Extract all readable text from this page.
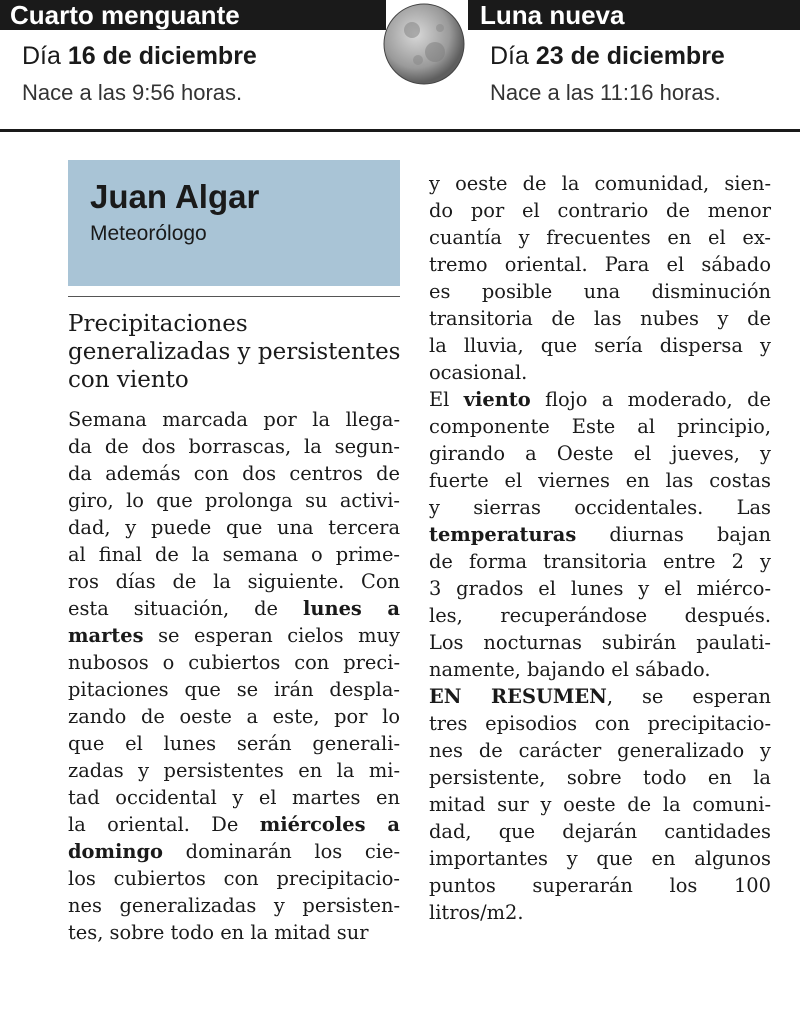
Cuarto menguante	Luna nueva
Día 16 de diciembre
Nace a las 9:56 horas.
Día 23 de diciembre
Nace a las 11:16 horas.
Juan Algar
Meteorólogo
Precipitaciones generalizadas y persistentes con viento
Semana marcada por la llega-
da de dos borrascas, la segun-
da además con dos centros de
giro, lo que prolonga su activi-
dad, y puede que una tercera
al final de la semana o prime-
ros días de la siguiente. Con
esta situación, de lunes a
martes se esperan cielos muy
nubosos o cubiertos con preci-
pitaciones que se irán despla-
zando de oeste a este, por lo
que el lunes serán generali-
zadas y persistentes en la mi-
tad occidental y el martes en
la oriental. De miércoles a
domingo dominarán los cie-
los cubiertos con precipitacio-
nes generalizadas y persisten-
tes, sobre todo en la mitad sur
y oeste de la comunidad, sien-
do por el contrario de menor
cuantía y frecuentes en el ex-
tremo oriental. Para el sábado
es posible una disminución
transitoria de las nubes y de
la lluvia, que sería dispersa y
ocasional.
El viento flojo a moderado, de
componente Este al principio,
girando a Oeste el jueves, y
fuerte el viernes en las costas
y sierras occidentales. Las
temperaturas diurnas bajan
de forma transitoria entre 2 y
3 grados el lunes y el miérco-
les, recuperándose después.
Los nocturnas subirán paulati-
namente, bajando el sábado.
EN RESUMEN, se esperan
tres episodios con precipitacio-
nes de carácter generalizado y
persistente, sobre todo en la
mitad sur y oeste de la comuni-
dad, que dejarán cantidades
importantes y que en algunos
puntos superarán los 100
litros/m2.
